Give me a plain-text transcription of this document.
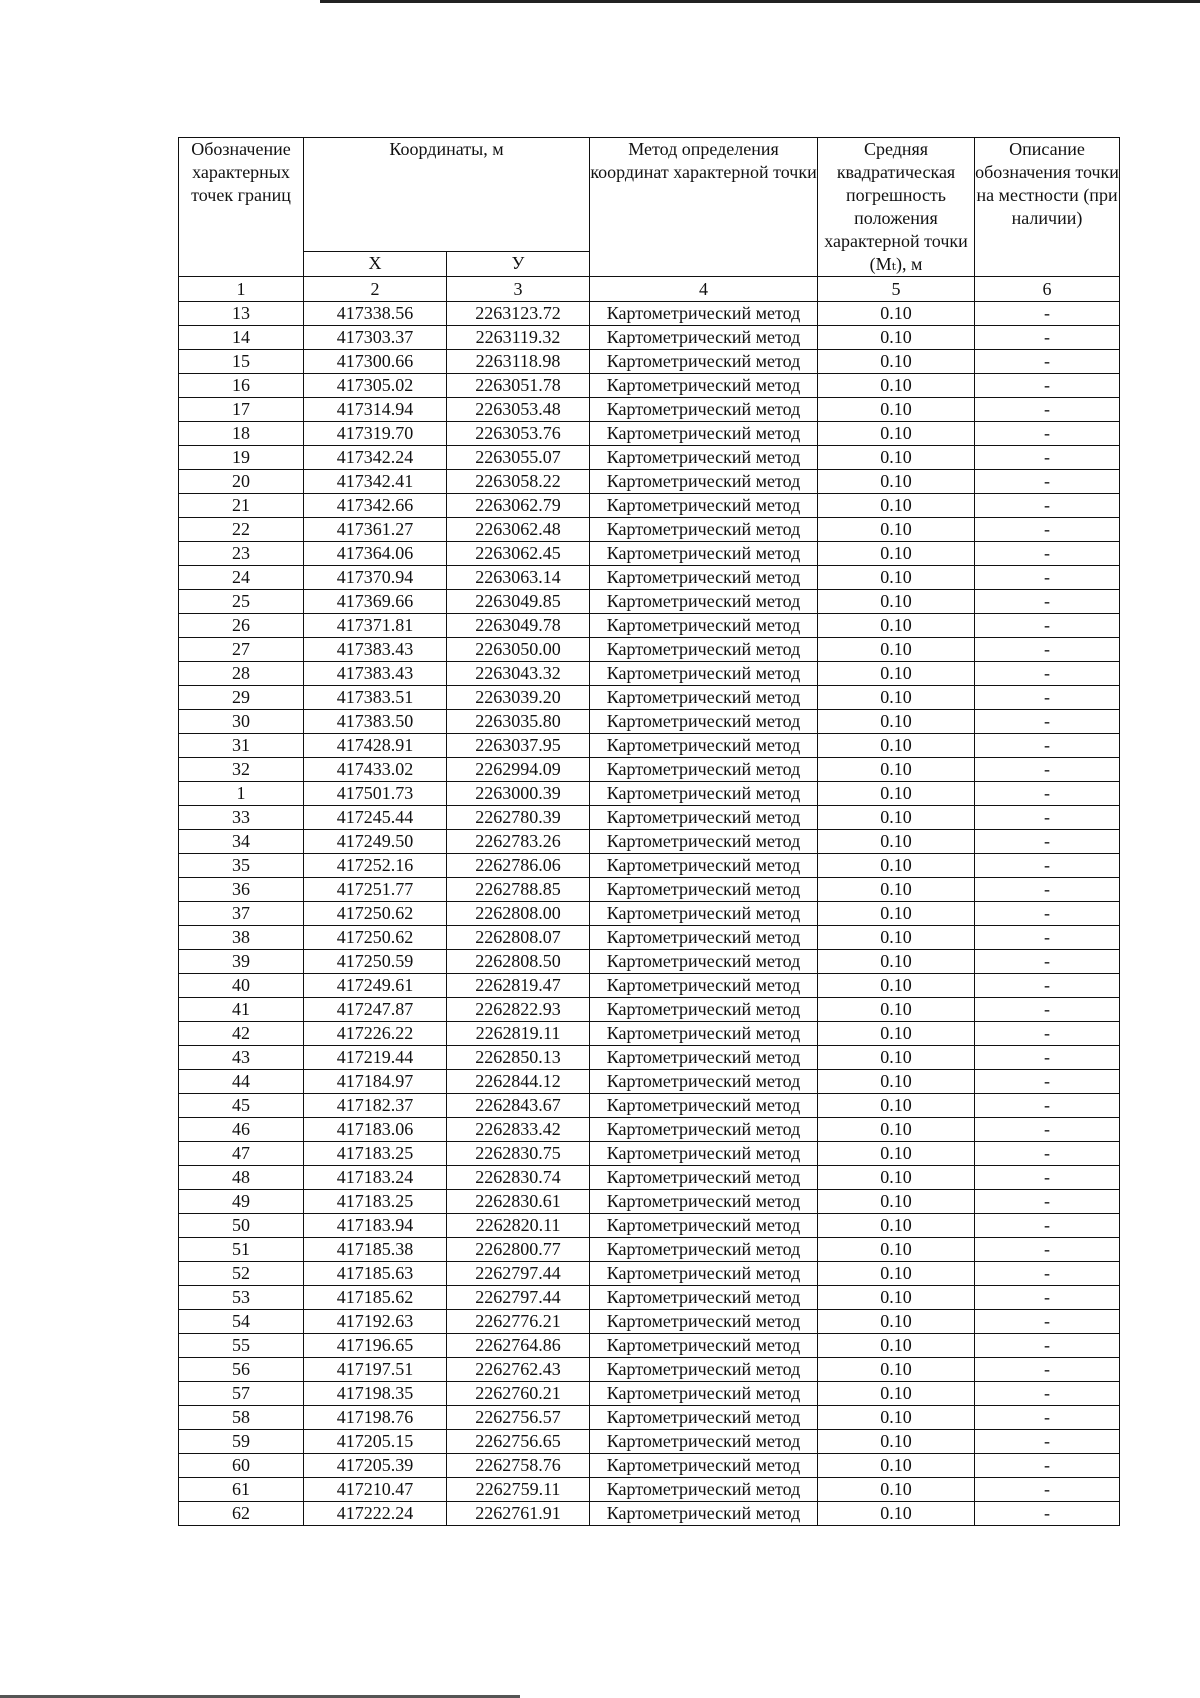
Обозначение характерных точек границ	Координаты, м		Метод определения координат характерной точки	Средняя квадратическая погрешность положения характерной точки (Mₜ), м	Описание обозначения точки на местности (при наличии)
	Х	У			
1	2	3	4	5	6
13	417338.56	2263123.72	Картометрический метод	0.10	-
14	417303.37	2263119.32	Картометрический метод	0.10	-
15	417300.66	2263118.98	Картометрический метод	0.10	-
16	417305.02	2263051.78	Картометрический метод	0.10	-
17	417314.94	2263053.48	Картометрический метод	0.10	-
18	417319.70	2263053.76	Картометрический метод	0.10	-
19	417342.24	2263055.07	Картометрический метод	0.10	-
20	417342.41	2263058.22	Картометрический метод	0.10	-
21	417342.66	2263062.79	Картометрический метод	0.10	-
22	417361.27	2263062.48	Картометрический метод	0.10	-
23	417364.06	2263062.45	Картометрический метод	0.10	-
24	417370.94	2263063.14	Картометрический метод	0.10	-
25	417369.66	2263049.85	Картометрический метод	0.10	-
26	417371.81	2263049.78	Картометрический метод	0.10	-
27	417383.43	2263050.00	Картометрический метод	0.10	-
28	417383.43	2263043.32	Картометрический метод	0.10	-
29	417383.51	2263039.20	Картометрический метод	0.10	-
30	417383.50	2263035.80	Картометрический метод	0.10	-
31	417428.91	2263037.95	Картометрический метод	0.10	-
32	417433.02	2262994.09	Картометрический метод	0.10	-
1	417501.73	2263000.39	Картометрический метод	0.10	-
33	417245.44	2262780.39	Картометрический метод	0.10	-
34	417249.50	2262783.26	Картометрический метод	0.10	-
35	417252.16	2262786.06	Картометрический метод	0.10	-
36	417251.77	2262788.85	Картометрический метод	0.10	-
37	417250.62	2262808.00	Картометрический метод	0.10	-
38	417250.62	2262808.07	Картометрический метод	0.10	-
39	417250.59	2262808.50	Картометрический метод	0.10	-
40	417249.61	2262819.47	Картометрический метод	0.10	-
41	417247.87	2262822.93	Картометрический метод	0.10	-
42	417226.22	2262819.11	Картометрический метод	0.10	-
43	417219.44	2262850.13	Картометрический метод	0.10	-
44	417184.97	2262844.12	Картометрический метод	0.10	-
45	417182.37	2262843.67	Картометрический метод	0.10	-
46	417183.06	2262833.42	Картометрический метод	0.10	-
47	417183.25	2262830.75	Картометрический метод	0.10	-
48	417183.24	2262830.74	Картометрический метод	0.10	-
49	417183.25	2262830.61	Картометрический метод	0.10	-
50	417183.94	2262820.11	Картометрический метод	0.10	-
51	417185.38	2262800.77	Картометрический метод	0.10	-
52	417185.63	2262797.44	Картометрический метод	0.10	-
53	417185.62	2262797.44	Картометрический метод	0.10	-
54	417192.63	2262776.21	Картометрический метод	0.10	-
55	417196.65	2262764.86	Картометрический метод	0.10	-
56	417197.51	2262762.43	Картометрический метод	0.10	-
57	417198.35	2262760.21	Картометрический метод	0.10	-
58	417198.76	2262756.57	Картометрический метод	0.10	-
59	417205.15	2262756.65	Картометрический метод	0.10	-
60	417205.39	2262758.76	Картометрический метод	0.10	-
61	417210.47	2262759.11	Картометрический метод	0.10	-
62	417222.24	2262761.91	Картометрический метод	0.10	-
